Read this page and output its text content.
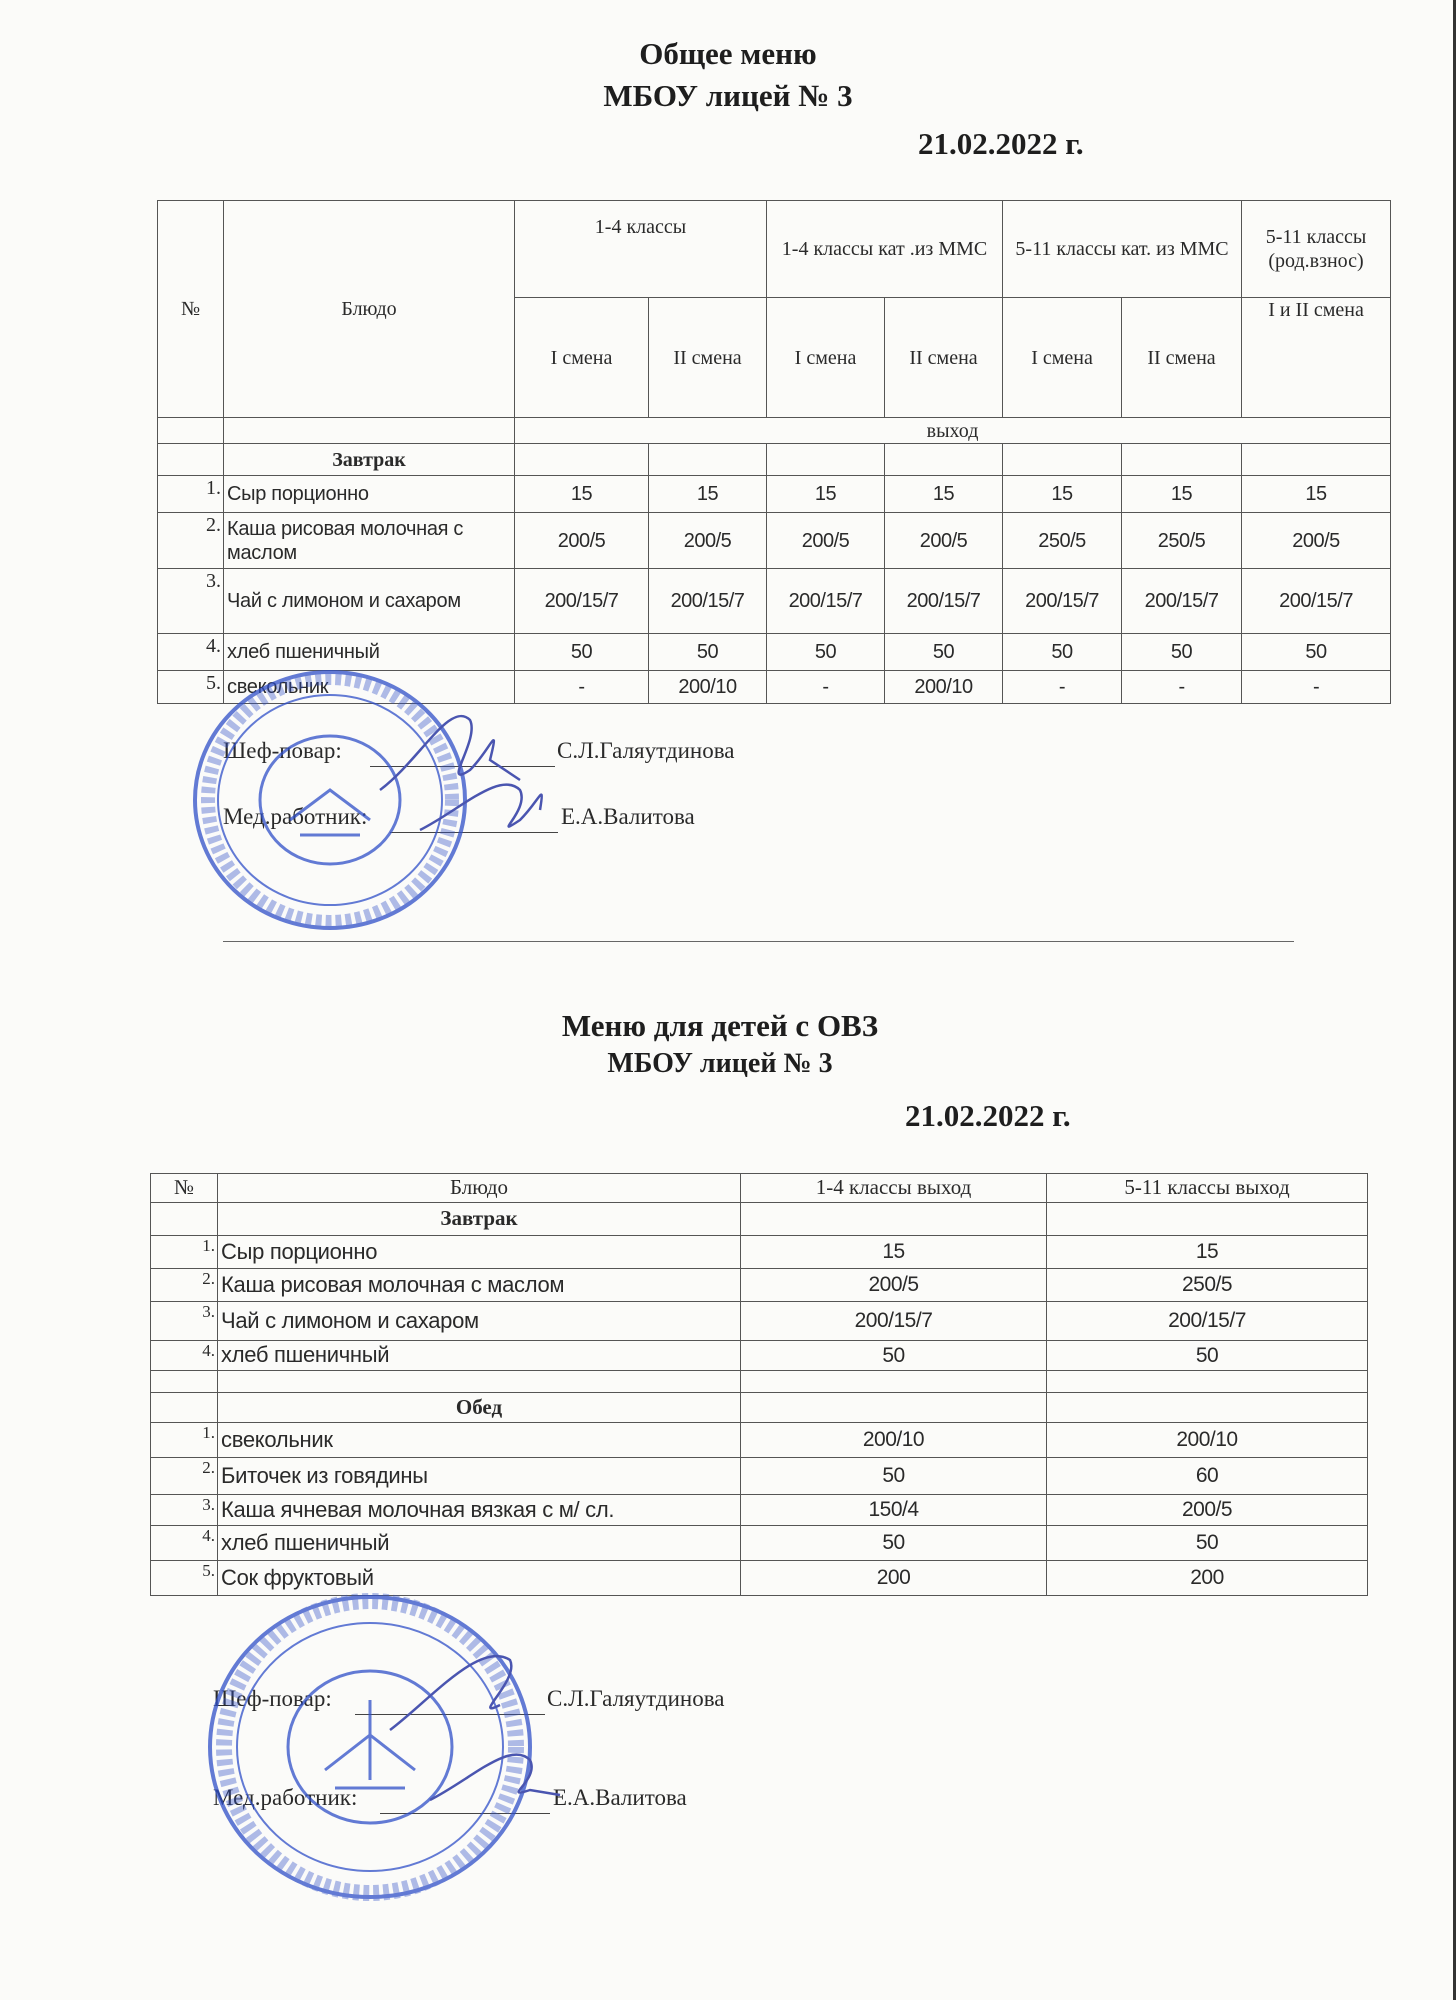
Общее меню
МБОУ лицей № 3
21.02.2022 г.
№	Блюдо	1-4 классы		1-4 классы кат .из ММС		5-11 классы кат. из ММС		5-11 классы (род.взнос)
		I смена	II смена	I смена	II смена	I смена	II смена	I и II смена
		выход						
	Завтрак							
1.	Сыр порционно	15	15	15	15	15	15	15
2.	Каша рисовая молочная с маслом	200/5	200/5	200/5	200/5	250/5	250/5	200/5
3.	Чай с лимоном и сахаром	200/15/7	200/15/7	200/15/7	200/15/7	200/15/7	200/15/7	200/15/7
4.	хлеб пшеничный	50	50	50	50	50	50	50
5.	свекольник	-	200/10	-	200/10	-	-	-
Шеф-повар:	С.Л.Галяутдинова
Мед.работник:	Е.А.Валитова
Меню для детей с ОВЗ
МБОУ лицей № 3
21.02.2022 г.
№	Блюдо	1-4 классы выход	5-11 классы выход
	Завтрак		
1.	Сыр порционно	15	15
2.	Каша рисовая молочная с маслом	200/5	250/5
3.	Чай с лимоном и сахаром	200/15/7	200/15/7
4.	хлеб пшеничный	50	50

	Обед		
1.	свекольник	200/10	200/10
2.	Биточек из говядины	50	60
3.	Каша ячневая молочная вязкая с м/ сл.	150/4	200/5
4.	хлеб пшеничный	50	50
5.	Сок фруктовый	200	200
Шеф-повар:	С.Л.Галяутдинова
Мед.работник:	Е.А.Валитова
